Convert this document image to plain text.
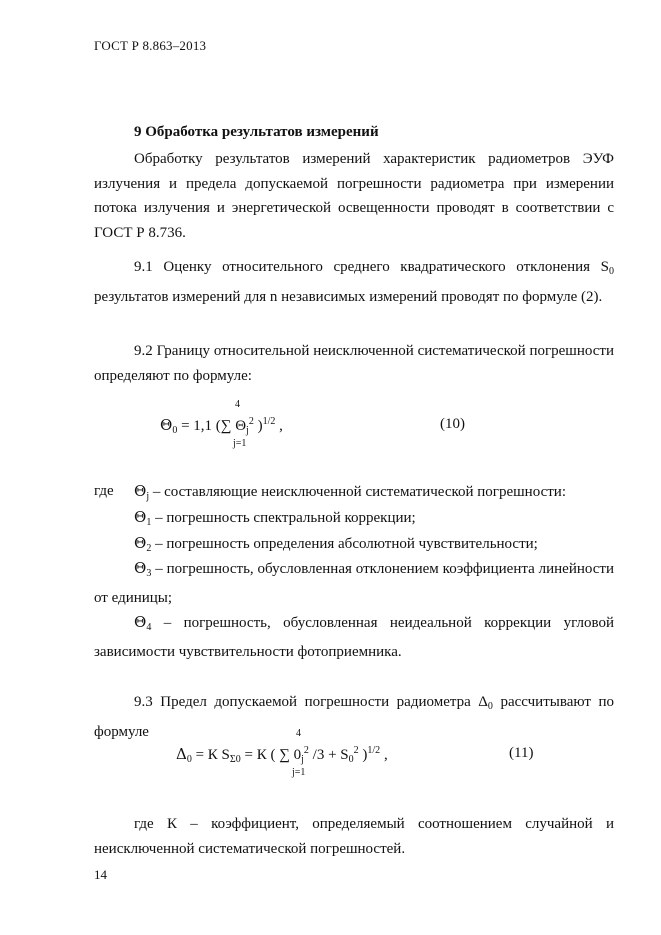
ГОСТ Р 8.863–2013
9 Обработка результатов измерений
Обработку результатов измерений характеристик радиометров ЭУФ излучения и предела допускаемой погрешности радиометра при измерении потока излучения и энергетической освещенности проводят в соответствии с ГОСТ Р 8.736.
9.1 Оценку относительного среднего квадратического отклонения $S_0$ результатов измерений для n независимых измерений проводят по формуле (2).
9.2 Границу относительной неисключенной систематической погрешности определяют по формуле:
4
$\Theta_0 = 1,1$ (∑ $\Theta_j^2$ )$^{1/2}$ ,
j=1
(10)
где $\Theta_j$ – составляющие неисключенной систематической погрешности:
$\Theta_1$ – погрешность спектральной коррекции;
$\Theta_2$ – погрешность определения абсолютной чувствительности;
$\Theta_3$ – погрешность, обусловленная отклонением коэффициента линейности от единицы;
$\Theta_4$ – погрешность, обусловленная неидеальной коррекции угловой зависимости чувствительности фотоприемника.
9.3 Предел допускаемой погрешности радиометра $\Delta_0$ рассчитывают по формуле	4
$\Delta_0 = К$ $S_{\Sigma 0} = К$ ( ∑ $0_j^2$ $/3 + S_0^2$ )$^{1/2}$ ,
j=1
(11)
где К – коэффициент, определяемый соотношением случайной и неисключенной систематической погрешностей.
14
